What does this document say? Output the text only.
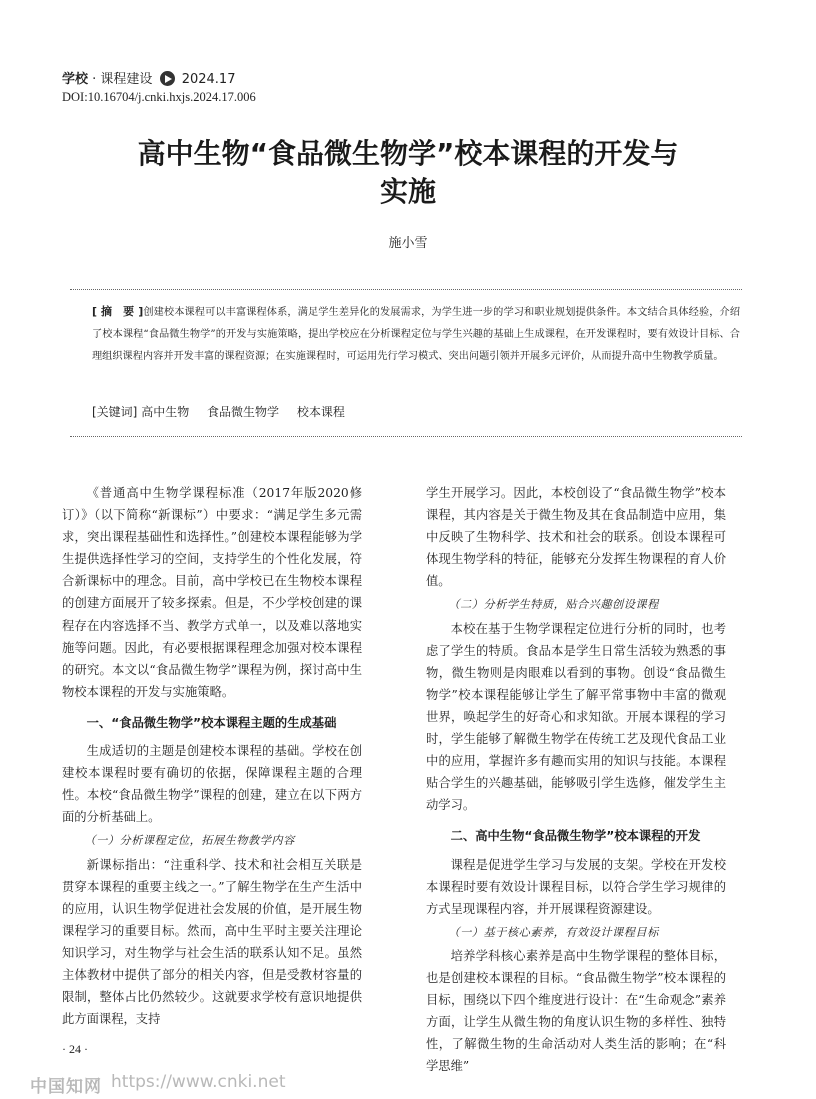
学校 · 课程建设 2024.17
DOI:10.16704/j.cnki.hxjs.2024.17.006
高中生物“食品微生物学”校本课程的开发与
实施
施小雪
[ 摘　要 ]创建校本课程可以丰富课程体系，满足学生差异化的发展需求，为学生进一步的学习和职业规划提供条件。本文结合具体经验，介绍了校本课程“食品微生物学”的开发与实施策略，提出学校应在分析课程定位与学生兴趣的基础上生成课程，在开发课程时，要有效设计目标、合理组织课程内容并开发丰富的课程资源；在实施课程时，可运用先行学习模式、突出问题引领并开展多元评价，从而提升高中生物教学质量。
[关键词] 高中生物 食品微生物学 校本课程

《普通高中生物学课程标准（2017年版2020修订）》（以下简称“新课标”）中要求：“满足学生多元需求，突出课程基础性和选择性。”创建校本课程能够为学生提供选择性学习的空间，支持学生的个性化发展，符合新课标中的理念。目前，高中学校已在生物校本课程的创建方面展开了较多探索。但是，不少学校创建的课程存在内容选择不当、教学方式单一，以及难以落地实施等问题。因此，有必要根据课程理念加强对校本课程的研究。本文以“食品微生物学”课程为例，探讨高中生物校本课程的开发与实施策略。

一、“食品微生物学”校本课程主题的生成基础

生成适切的主题是创建校本课程的基础。学校在创建校本课程时要有确切的依据，保障课程主题的合理性。本校“食品微生物学”课程的创建，建立在以下两方面的分析基础上。

（一）分析课程定位，拓展生物教学内容

新课标指出：“注重科学、技术和社会相互关联是贯穿本课程的重要主线之一。”了解生物学在生产生活中的应用，认识生物学促进社会发展的价值，是开展生物课程学习的重要目标。然而，高中生平时主要关注理论知识学习，对生物学与社会生活的联系认知不足。虽然主体教材中提供了部分的相关内容，但是受教材容量的限制，整体占比仍然较少。这就要求学校有意识地提供此方面课程，支持

学生开展学习。因此，本校创设了“食品微生物学”校本课程，其内容是关于微生物及其在食品制造中应用，集中反映了生物科学、技术和社会的联系。创设本课程可体现生物学科的特征，能够充分发挥生物课程的育人价值。

（二）分析学生特质，贴合兴趣创设课程

本校在基于生物学课程定位进行分析的同时，也考虑了学生的特质。食品本是学生日常生活较为熟悉的事物，微生物则是肉眼难以看到的事物。创设“食品微生物学”校本课程能够让学生了解平常事物中丰富的微观世界，唤起学生的好奇心和求知欲。开展本课程的学习时，学生能够了解微生物学在传统工艺及现代食品工业中的应用，掌握许多有趣而实用的知识与技能。本课程贴合学生的兴趣基础，能够吸引学生选修，催发学生主动学习。

二、高中生物“食品微生物学”校本课程的开发

课程是促进学生学习与发展的支架。学校在开发校本课程时要有效设计课程目标，以符合学生学习规律的方式呈现课程内容，并开展课程资源建设。

（一）基于核心素养，有效设计课程目标

培养学科核心素养是高中生物学课程的整体目标，也是创建校本课程的目标。“食品微生物学”校本课程的目标，围绕以下四个维度进行设计：在“生命观念”素养方面，让学生从微生物的角度认识生物的多样性、独特性，了解微生物的生命活动对人类生活的影响；在“科学思维”

· 24 ·
中国知网 https://www.cnki.net
